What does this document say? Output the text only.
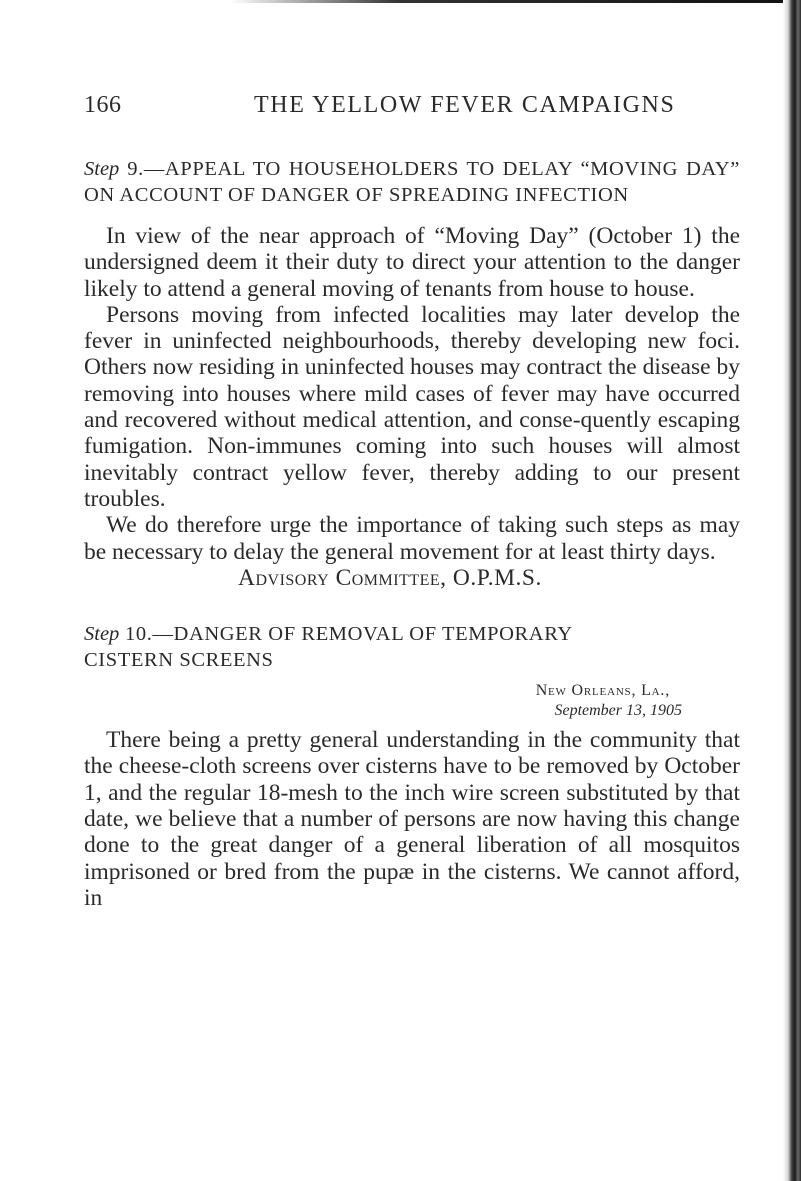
166	THE YELLOW FEVER CAMPAIGNS

Step 9.—APPEAL TO HOUSEHOLDERS TO DELAY “MOVING DAY” ON ACCOUNT OF DANGER OF SPREADING INFECTION

In view of the near approach of “Moving Day” (October 1) the undersigned deem it their duty to direct your attention to the danger likely to attend a general moving of tenants from house to house.

Persons moving from infected localities may later develop the fever in uninfected neighbourhoods, thereby developing new foci. Others now residing in uninfected houses may contract the disease by removing into houses where mild cases of fever may have occurred and recovered without medical attention, and conse-quently escaping fumigation. Non-immunes coming into such houses will almost inevitably contract yellow fever, thereby adding to our present troubles.

We do therefore urge the importance of taking such steps as may be necessary to delay the general movement for at least thirty days.

Advisory Committee, O.P.M.S.

Step 10.—DANGER OF REMOVAL OF TEMPORARY
CISTERN SCREENS

New Orleans, La.,
September 13, 1905

There being a pretty general understanding in the community that the cheese-cloth screens over cisterns have to be removed by October 1, and the regular 18-mesh to the inch wire screen substituted by that date, we believe that a number of persons are now having this change done to the great danger of a general liberation of all mosquitos imprisoned or bred from the pupæ in the cisterns. We cannot afford, in
